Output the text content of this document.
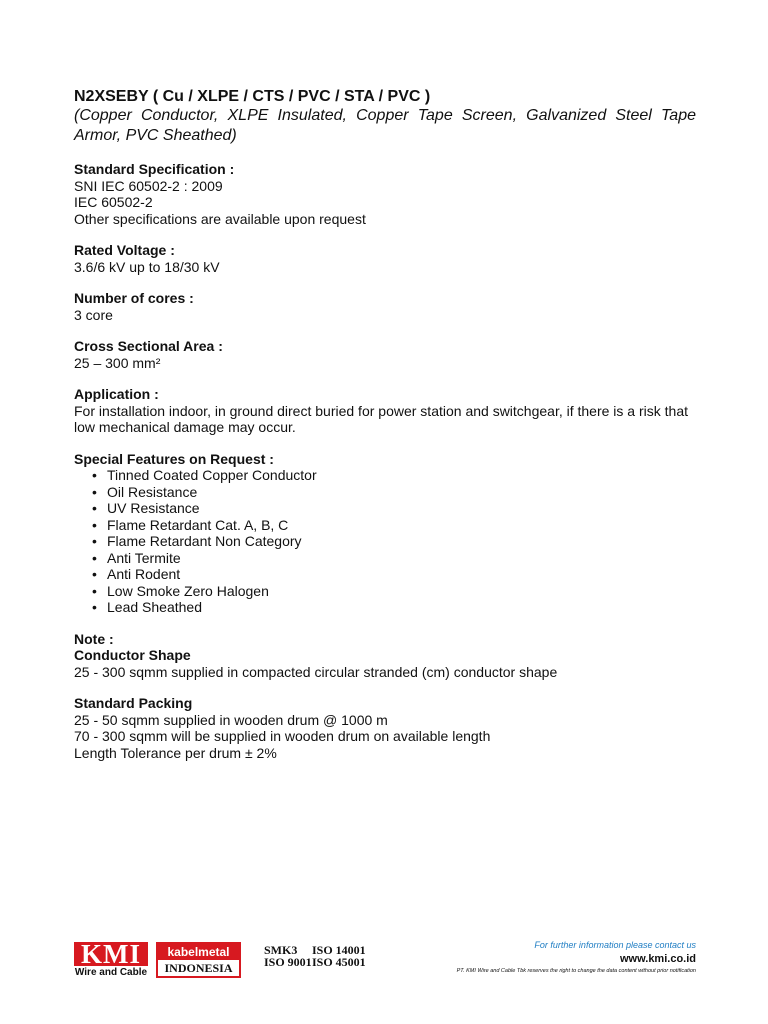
N2XSEBY ( Cu / XLPE / CTS / PVC / STA / PVC )
(Copper Conductor, XLPE Insulated, Copper Tape Screen, Galvanized Steel Tape Armor, PVC Sheathed)
Standard Specification :
SNI IEC 60502-2 : 2009
IEC 60502-2
Other specifications are available upon request
Rated Voltage :
3.6/6 kV up to 18/30 kV
Number of cores :
3 core
Cross Sectional Area :
25 – 300 mm²
Application :
For installation indoor, in ground direct buried for power station and switchgear, if there is a risk that low mechanical damage may occur.
Special Features on Request :
• Tinned Coated Copper Conductor
• Oil Resistance
• UV Resistance
• Flame Retardant Cat. A, B, C
• Flame Retardant Non Category
• Anti Termite
• Anti Rodent
• Low Smoke Zero Halogen
• Lead Sheathed
Note :
Conductor Shape
25 - 300 sqmm supplied in compacted circular stranded (cm) conductor shape
Standard Packing
25 - 50 sqmm supplied in wooden drum @ 1000 m
70 - 300 sqmm will be supplied in wooden drum on available length
Length Tolerance per drum ± 2%
KMI
Wire and Cable
kabelmetal
INDONESIA
SMK3
ISO 9001
ISO 14001
ISO 45001
For further information please contact us
www.kmi.co.id
PT. KMI Wire and Cable Tbk reserves the right to change the data content without prior notification
